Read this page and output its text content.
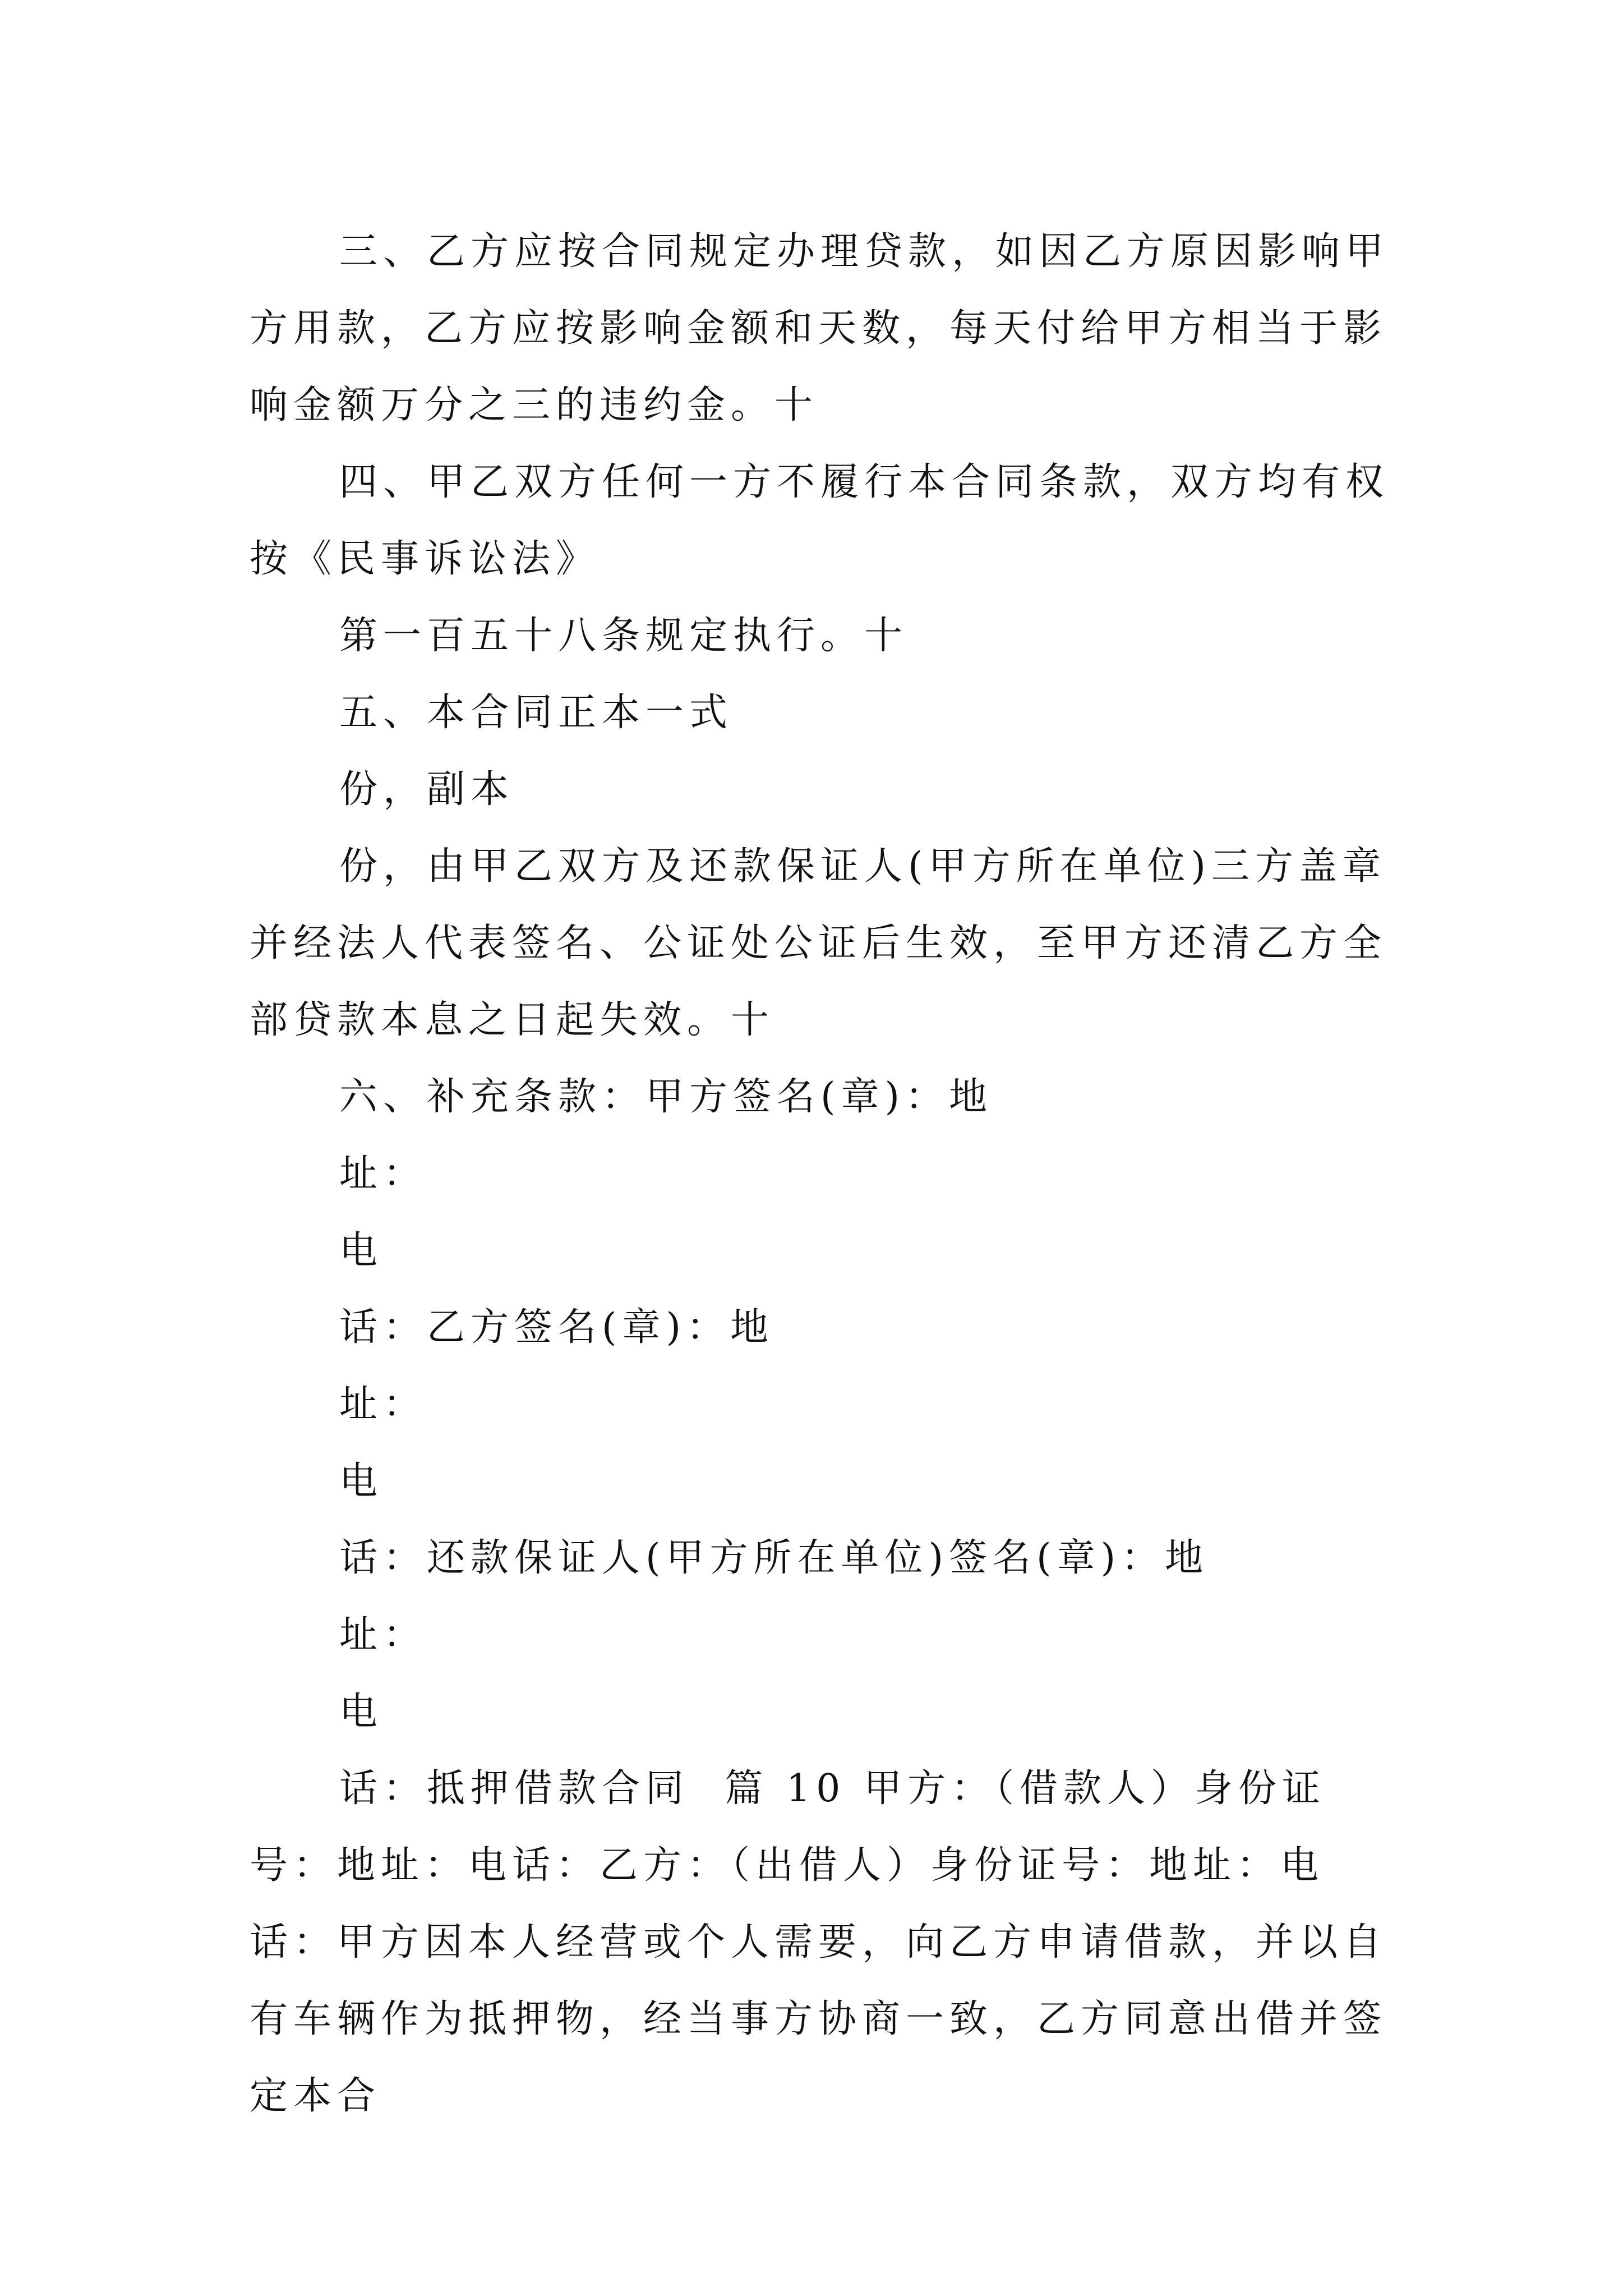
三、乙方应按合同规定办理贷款，如因乙方原因影响甲方用款，乙方应按影响金额和天数，每天付给甲方相当于影响金额万分之三的违约金。十

四、甲乙双方任何一方不履行本合同条款，双方均有权按《民事诉讼法》

第一百五十八条规定执行。十

五、本合同正本一式

份，副本

份，由甲乙双方及还款保证人(甲方所在单位)三方盖章并经法人代表签名、公证处公证后生效，至甲方还清乙方全部贷款本息之日起失效。十

六、补充条款：甲方签名(章)：地

址：

电

话：乙方签名(章)：地

址：

电

话：还款保证人(甲方所在单位)签名(章)：地

址：

电

话：抵押借款合同  篇 10 甲方：（借款人）身份证号：地址：电话：乙方：（出借人）身份证号：地址：电话：甲方因本人经营或个人需要，向乙方申请借款，并以自有车辆作为抵押物，经当事方协商一致，乙方同意出借并签定本合
